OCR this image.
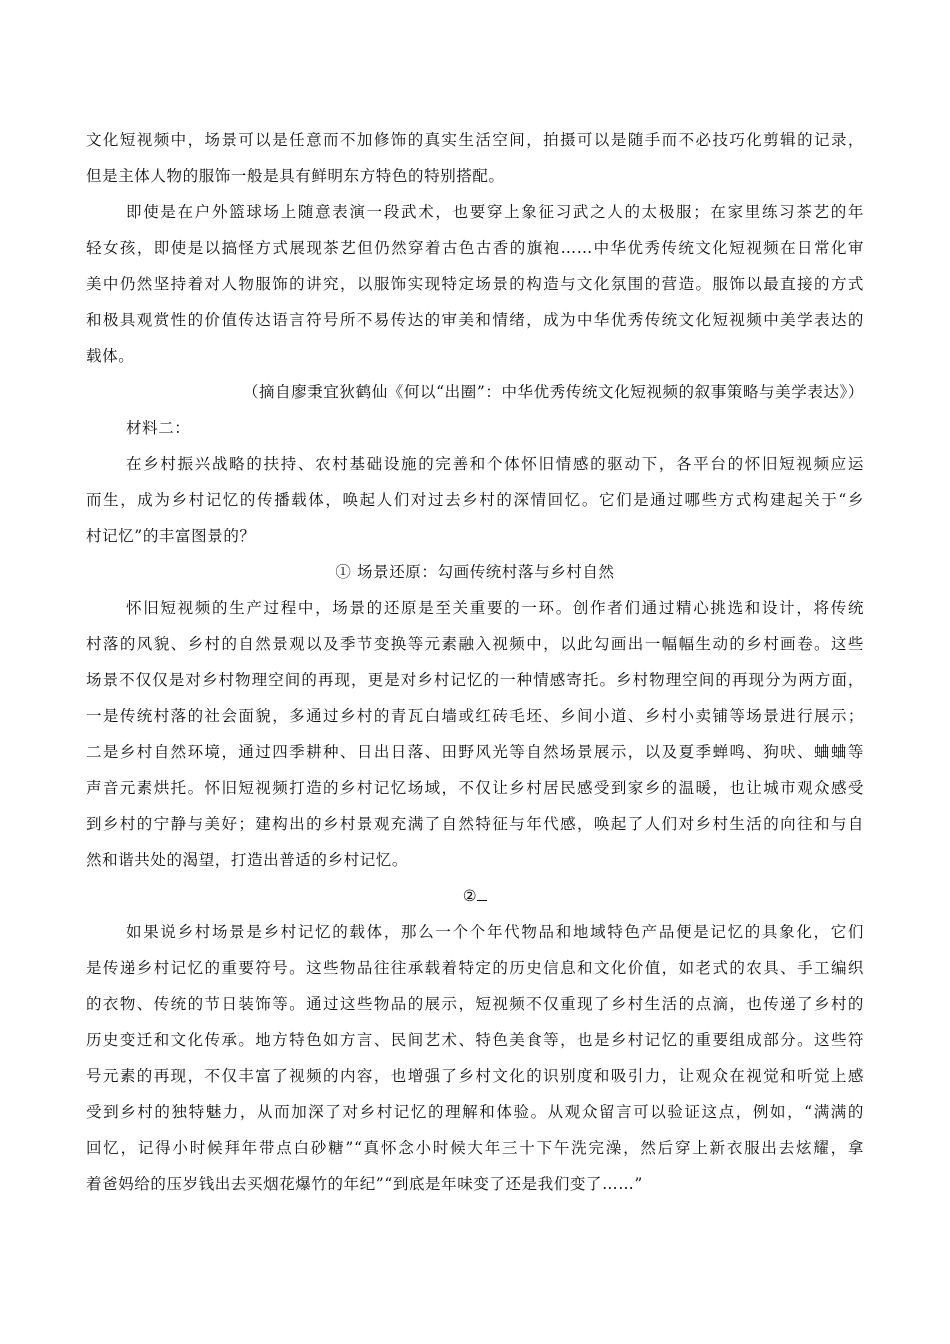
文化短视频中，场景可以是任意而不加修饰的真实生活空间，拍摄可以是随手而不必技巧化剪辑的记录，
但是主体人物的服饰一般是具有鲜明东方特色的特别搭配。
即使是在户外篮球场上随意表演一段武术，也要穿上象征习武之人的太极服；在家里练习茶艺的年
轻女孩，即使是以搞怪方式展现茶艺但仍然穿着古色古香的旗袍……中华优秀传统文化短视频在日常化审
美中仍然坚持着对人物服饰的讲究，以服饰实现特定场景的构造与文化氛围的营造。服饰以最直接的方式
和极具观赏性的价值传达语言符号所不易传达的审美和情绪，成为中华优秀传统文化短视频中美学表达的
载体。
（摘自廖秉宜狄鹤仙《何以“出圈”：中华优秀传统文化短视频的叙事策略与美学表达》）
材料二：
在乡村振兴战略的扶持、农村基础设施的完善和个体怀旧情感的驱动下，各平台的怀旧短视频应运
而生，成为乡村记忆的传播载体，唤起人们对过去乡村的深情回忆。它们是通过哪些方式构建起关于“乡
村记忆”的丰富图景的？
① 场景还原：勾画传统村落与乡村自然
怀旧短视频的生产过程中，场景的还原是至关重要的一环。创作者们通过精心挑选和设计，将传统
村落的风貌、乡村的自然景观以及季节变换等元素融入视频中，以此勾画出一幅幅生动的乡村画卷。这些
场景不仅仅是对乡村物理空间的再现，更是对乡村记忆的一种情感寄托。乡村物理空间的再现分为两方面，
一是传统村落的社会面貌，多通过乡村的青瓦白墙或红砖毛坯、乡间小道、乡村小卖铺等场景进行展示；
二是乡村自然环境，通过四季耕种、日出日落、田野风光等自然场景展示，以及夏季蝉鸣、狗吠、蛐蛐等
声音元素烘托。怀旧短视频打造的乡村记忆场域，不仅让乡村居民感受到家乡的温暖，也让城市观众感受
到乡村的宁静与美好；建构出的乡村景观充满了自然特征与年代感，唤起了人们对乡村生活的向往和与自
然和谐共处的渴望，打造出普适的乡村记忆。
②
如果说乡村场景是乡村记忆的载体，那么一个个年代物品和地域特色产品便是记忆的具象化，它们
是传递乡村记忆的重要符号。这些物品往往承载着特定的历史信息和文化价值，如老式的农具、手工编织
的衣物、传统的节日装饰等。通过这些物品的展示，短视频不仅重现了乡村生活的点滴，也传递了乡村的
历史变迁和文化传承。地方特色如方言、民间艺术、特色美食等，也是乡村记忆的重要组成部分。这些符
号元素的再现，不仅丰富了视频的内容，也增强了乡村文化的识别度和吸引力，让观众在视觉和听觉上感
受到乡村的独特魅力，从而加深了对乡村记忆的理解和体验。从观众留言可以验证这点，例如，“满满的
回忆，记得小时候拜年带点白砂糖”“真怀念小时候大年三十下午洗完澡，然后穿上新衣服出去炫耀，拿
着爸妈给的压岁钱出去买烟花爆竹的年纪”“到底是年味变了还是我们变了……”
